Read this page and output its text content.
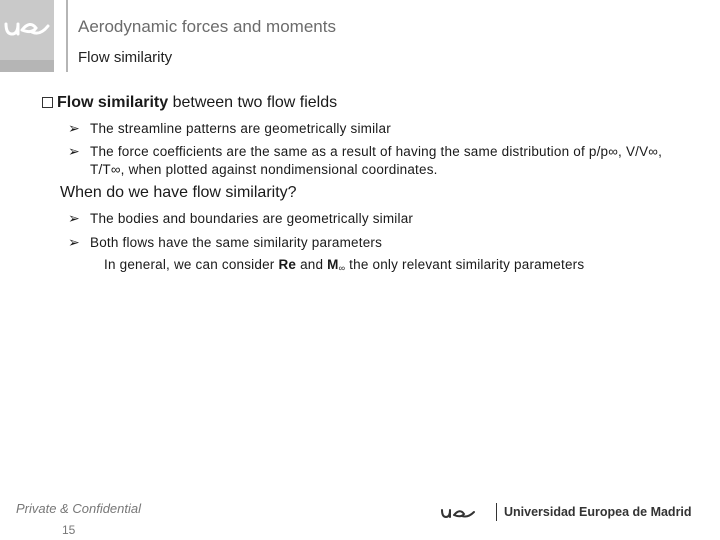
Aerodynamic forces and moments
Flow similarity
Flow similarity between two flow fields
➢ The streamline patterns are geometrically similar
➢ The force coefficients are the same as a result of having the same distribution of p/p∞, V/V∞,
T/T∞, when plotted against nondimensional coordinates.
When do we have flow similarity?
➢ The bodies and boundaries are geometrically similar
➢ Both flows have the same similarity parameters
In general, we can consider Re and $M_\infty$ the only relevant similarity parameters
Private & Confidential
15
Universidad Europea de Madrid
